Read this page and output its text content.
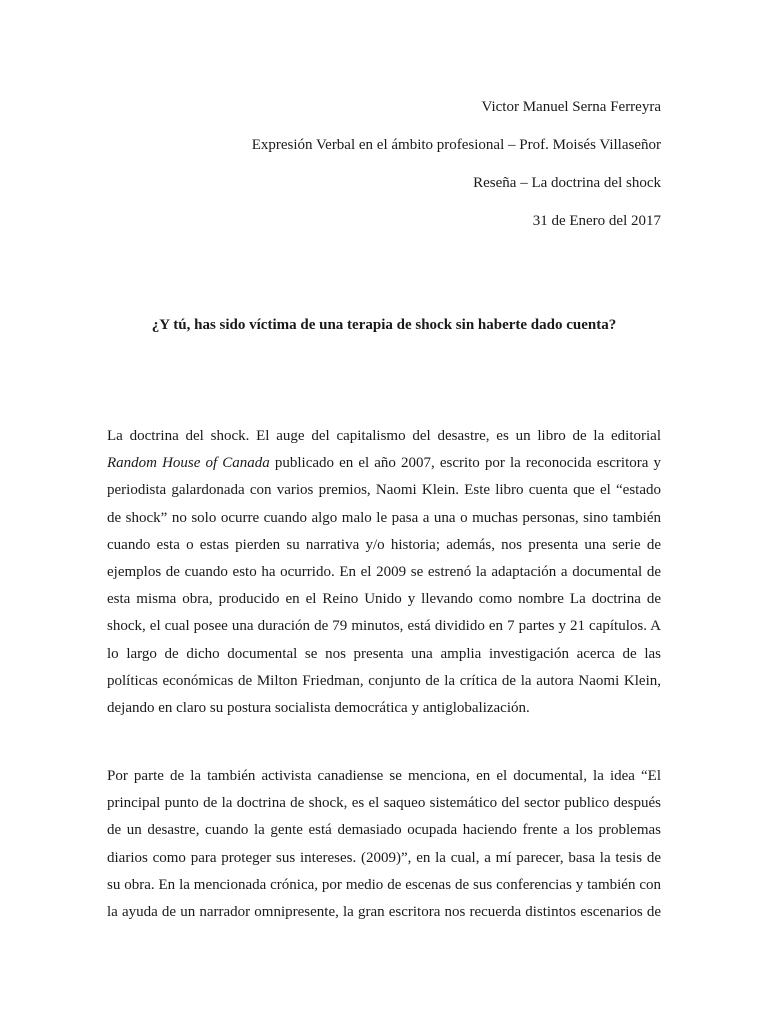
Victor Manuel Serna Ferreyra
Expresión Verbal en el ámbito profesional – Prof. Moisés Villaseñor
Reseña – La doctrina del shock
31 de Enero del 2017
¿Y tú, has sido víctima de una terapia de shock sin haberte dado cuenta?
La doctrina del shock. El auge del capitalismo del desastre, es un libro de la editorial
Random House of Canada publicado en el año 2007, escrito por la reconocida escritora y
periodista galardonada con varios premios, Naomi Klein. Este libro cuenta que el “estado
de shock” no solo ocurre cuando algo malo le pasa a una o muchas personas, sino también
cuando esta o estas pierden su narrativa y/o historia; además, nos presenta una serie de
ejemplos de cuando esto ha ocurrido. En el 2009 se estrenó la adaptación a documental de
esta misma obra, producido en el Reino Unido y llevando como nombre La doctrina de
shock, el cual posee una duración de 79 minutos, está dividido en 7 partes y 21 capítulos. A
lo largo de dicho documental se nos presenta una amplia investigación acerca de las
políticas económicas de Milton Friedman, conjunto de la crítica de la autora Naomi Klein,
dejando en claro su postura socialista democrática y antiglobalización.
Por parte de la también activista canadiense se menciona, en el documental, la idea “El
principal punto de la doctrina de shock, es el saqueo sistemático del sector publico después
de un desastre, cuando la gente está demasiado ocupada haciendo frente a los problemas
diarios como para proteger sus intereses. (2009)”, en la cual, a mí parecer, basa la tesis de
su obra. En la mencionada crónica, por medio de escenas de sus conferencias y también con
la ayuda de un narrador omnipresente, la gran escritora nos recuerda distintos escenarios de
